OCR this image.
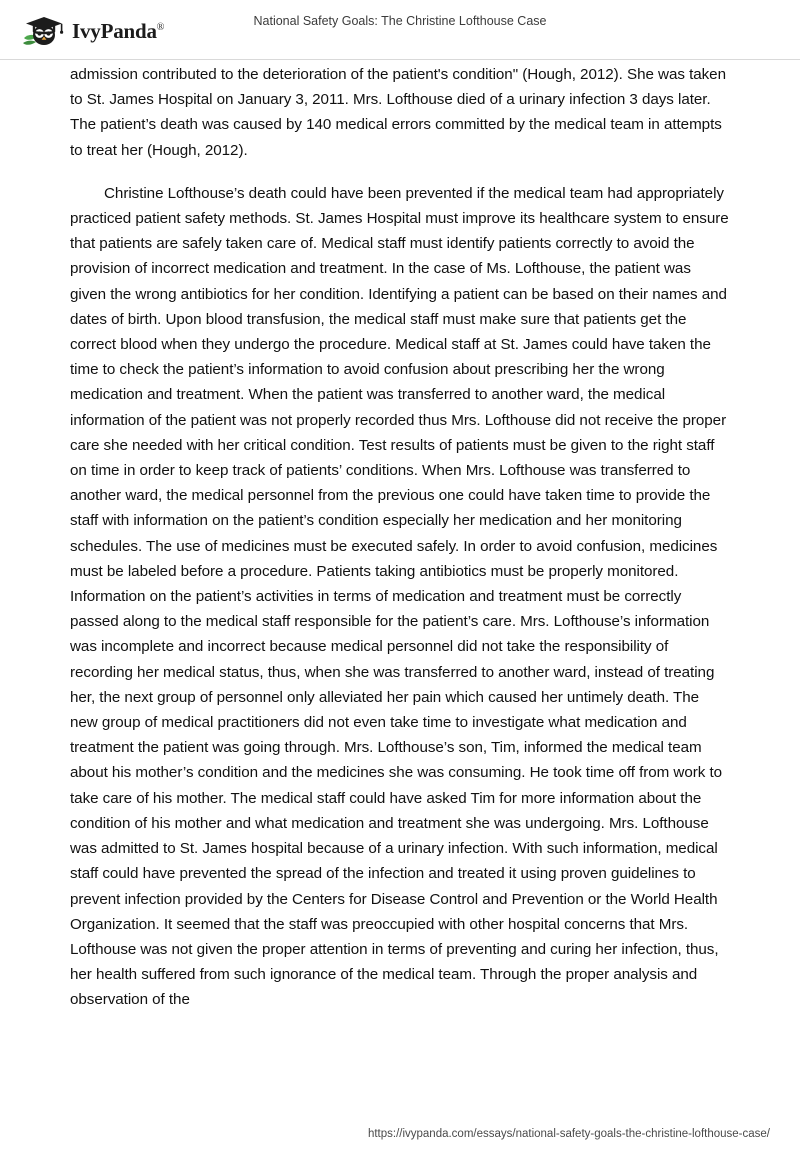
IvyPanda®	National Safety Goals: The Christine Lofthouse Case

admission contributed to the deterioration of the patient's condition" (Hough, 2012). She was taken to St. James Hospital on January 3, 2011. Mrs. Lofthouse died of a urinary infection 3 days later. The patient’s death was caused by 140 medical errors committed by the medical team in attempts to treat her (Hough, 2012).

Christine Lofthouse’s death could have been prevented if the medical team had appropriately practiced patient safety methods. St. James Hospital must improve its healthcare system to ensure that patients are safely taken care of. Medical staff must identify patients correctly to avoid the provision of incorrect medication and treatment. In the case of Ms. Lofthouse, the patient was given the wrong antibiotics for her condition. Identifying a patient can be based on their names and dates of birth. Upon blood transfusion, the medical staff must make sure that patients get the correct blood when they undergo the procedure. Medical staff at St. James could have taken the time to check the patient’s information to avoid confusion about prescribing her the wrong medication and treatment. When the patient was transferred to another ward, the medical information of the patient was not properly recorded thus Mrs. Lofthouse did not receive the proper care she needed with her critical condition. Test results of patients must be given to the right staff on time in order to keep track of patients’ conditions. When Mrs. Lofthouse was transferred to another ward, the medical personnel from the previous one could have taken time to provide the staff with information on the patient’s condition especially her medication and her monitoring schedules. The use of medicines must be executed safely. In order to avoid confusion, medicines must be labeled before a procedure. Patients taking antibiotics must be properly monitored. Information on the patient’s activities in terms of medication and treatment must be correctly passed along to the medical staff responsible for the patient’s care. Mrs. Lofthouse’s information was incomplete and incorrect because medical personnel did not take the responsibility of recording her medical status, thus, when she was transferred to another ward, instead of treating her, the next group of personnel only alleviated her pain which caused her untimely death. The new group of medical practitioners did not even take time to investigate what medication and treatment the patient was going through. Mrs. Lofthouse’s son, Tim, informed the medical team about his mother’s condition and the medicines she was consuming. He took time off from work to take care of his mother. The medical staff could have asked Tim for more information about the condition of his mother and what medication and treatment she was undergoing. Mrs. Lofthouse was admitted to St. James hospital because of a urinary infection. With such information, medical staff could have prevented the spread of the infection and treated it using proven guidelines to prevent infection provided by the Centers for Disease Control and Prevention or the World Health Organization. It seemed that the staff was preoccupied with other hospital concerns that Mrs. Lofthouse was not given the proper attention in terms of preventing and curing her infection, thus, her health suffered from such ignorance of the medical team. Through the proper analysis and observation of the

https://ivypanda.com/essays/national-safety-goals-the-christine-lofthouse-case/
